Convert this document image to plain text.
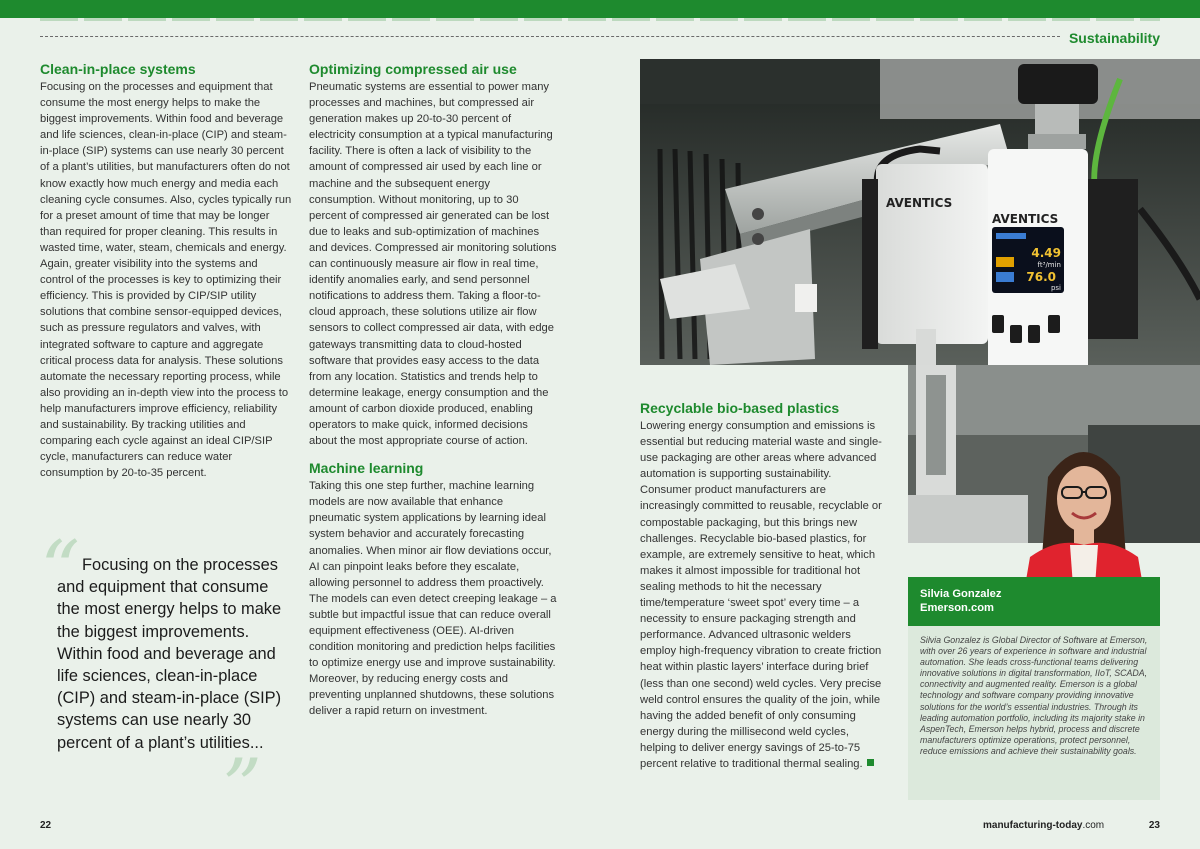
Sustainability
Clean-in-place systems

Focusing on the processes and equipment that consume the most energy helps to make the biggest improvements. Within food and beverage and life sciences, clean-in-place (CIP) and steam-in-place (SIP) systems can use nearly 30 percent of a plant’s utilities, but manufacturers often do not know exactly how much energy and media each cleaning cycle consumes. Also, cycles typically run for a preset amount of time that may be longer than required for proper cleaning. This results in wasted time, water, steam, chemicals and energy. Again, greater visibility into the systems and control of the processes is key to optimizing their efficiency. This is provided by CIP/SIP utility solutions that combine sensor-equipped devices, such as pressure regulators and valves, with integrated software to capture and aggregate critical process data for analysis. These solutions automate the necessary reporting process, while also providing an in-depth view into the process to help manufacturers improve efficiency, reliability and sustainability. By tracking utilities and comparing each cycle against an ideal CIP/SIP cycle, manufacturers can reduce water consumption by 20-to-35 percent.

“ Focusing on the processes and equipment that consume the most energy helps to make the biggest improvements. Within food and beverage and life sciences, clean-in-place (CIP) and steam-in-place (SIP) systems can use nearly 30 percent of a plant’s utilities...
”
Optimizing compressed air use

Pneumatic systems are essential to power many processes and machines, but compressed air generation makes up 20-to-30 percent of electricity consumption at a typical manufacturing facility. There is often a lack of visibility to the amount of compressed air used by each line or machine and the subsequent energy consumption. Without monitoring, up to 30 percent of compressed air generated can be lost due to leaks and sub-optimization of machines and devices. Compressed air monitoring solutions can continuously measure air flow in real time, identify anomalies early, and send personnel notifications to address them. Taking a floor-to-cloud approach, these solutions utilize air flow sensors to collect compressed air data, with edge gateways transmitting data to cloud-hosted software that provides easy access to the data from any location. Statistics and trends help to determine leakage, energy consumption and the amount of carbon dioxide produced, enabling operators to make quick, informed decisions about the most appropriate course of action.

Machine learning

Taking this one step further, machine learning models are now available that enhance pneumatic system applications by learning ideal system behavior and accurately forecasting anomalies. When minor air flow deviations occur, AI can pinpoint leaks before they escalate, allowing personnel to address them proactively. The models can even detect creeping leakage – a subtle but impactful issue that can reduce overall equipment effectiveness (OEE). AI-driven condition monitoring and prediction helps facilities to optimize energy use and improve sustainability. Moreover, by reducing energy costs and preventing unplanned shutdowns, these solutions deliver a rapid return on investment.

AVENTICS
AVENTICS
4.49
ft³/min
76.0
psi
Recyclable bio-based plastics

Lowering energy consumption and emissions is essential but reducing material waste and single-use packaging are other areas where advanced automation is supporting sustainability. Consumer product manufacturers are increasingly committed to reusable, recyclable or compostable packaging, but this brings new challenges. Recyclable bio-based plastics, for example, are extremely sensitive to heat, which makes it almost impossible for traditional hot sealing methods to hit the necessary time/temperature ‘sweet spot’ every time – a necessity to ensure packaging strength and performance. Advanced ultrasonic welders employ high-frequency vibration to create friction heat within plastic layers’ interface during brief (less than one second) weld cycles. Very precise weld control ensures the quality of the join, while having the added benefit of only consuming energy during the millisecond weld cycles, helping to deliver energy savings of 25-to-75 percent relative to traditional thermal sealing.

Silvia Gonzalez
Emerson.com

Silvia Gonzalez is Global Director of Software at Emerson, with over 26 years of experience in software and industrial automation. She leads cross-functional teams delivering innovative solutions in digital transformation, IIoT, SCADA, connectivity and augmented reality. Emerson is a global technology and software company providing innovative solutions for the world’s essential industries. Through its leading automation portfolio, including its majority stake in AspenTech, Emerson helps hybrid, process and discrete manufacturers optimize operations, protect personnel, reduce emissions and achieve their sustainability goals.

22	manufacturing-today.com	23
